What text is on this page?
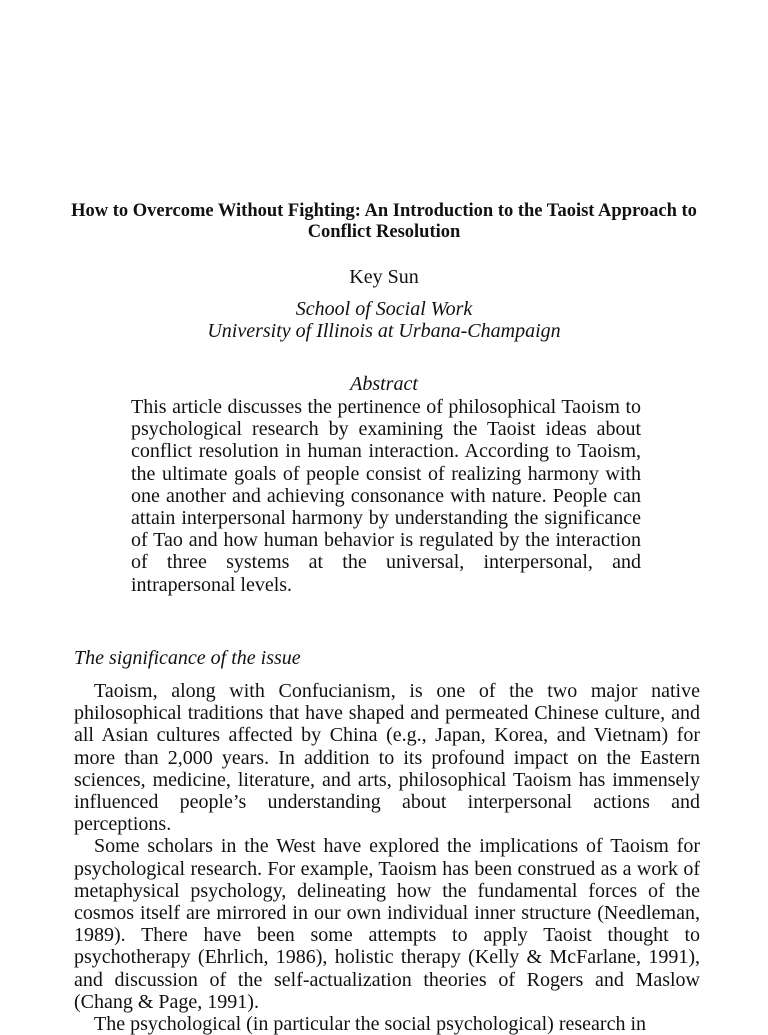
How to Overcome Without Fighting: An Introduction to the Taoist Approach to Conflict Resolution
Key Sun
School of Social Work
University of Illinois at Urbana-Champaign
Abstract
This article discusses the pertinence of philosophical Taoism to psychological research by examining the Taoist ideas about conflict resolution in human interaction. According to Taoism, the ultimate goals of people consist of realizing harmony with one another and achieving consonance with nature. People can attain interpersonal harmony by understanding the significance of Tao and how human behavior is regulated by the interaction of three systems at the universal, interpersonal, and intrapersonal levels.
The significance of the issue

Taoism, along with Confucianism, is one of the two major native philosophical traditions that have shaped and permeated Chinese culture, and all Asian cultures affected by China (e.g., Japan, Korea, and Vietnam) for more than 2,000 years. In addition to its profound impact on the Eastern sciences, medicine, literature, and arts, philosophical Taoism has immensely influenced people’s understanding about interpersonal actions and perceptions.

Some scholars in the West have explored the implications of Taoism for psychological research. For example, Taoism has been construed as a work of metaphysical psychology, delineating how the fundamental forces of the cosmos itself are mirrored in our own individual inner structure (Needleman, 1989). There have been some attempts to apply Taoist thought to psychotherapy (Ehrlich, 1986), holistic therapy (Kelly & McFarlane, 1991), and discussion of the self-actualization theories of Rogers and Maslow (Chang & Page, 1991).

The psychological (in particular the social psychological) research in
